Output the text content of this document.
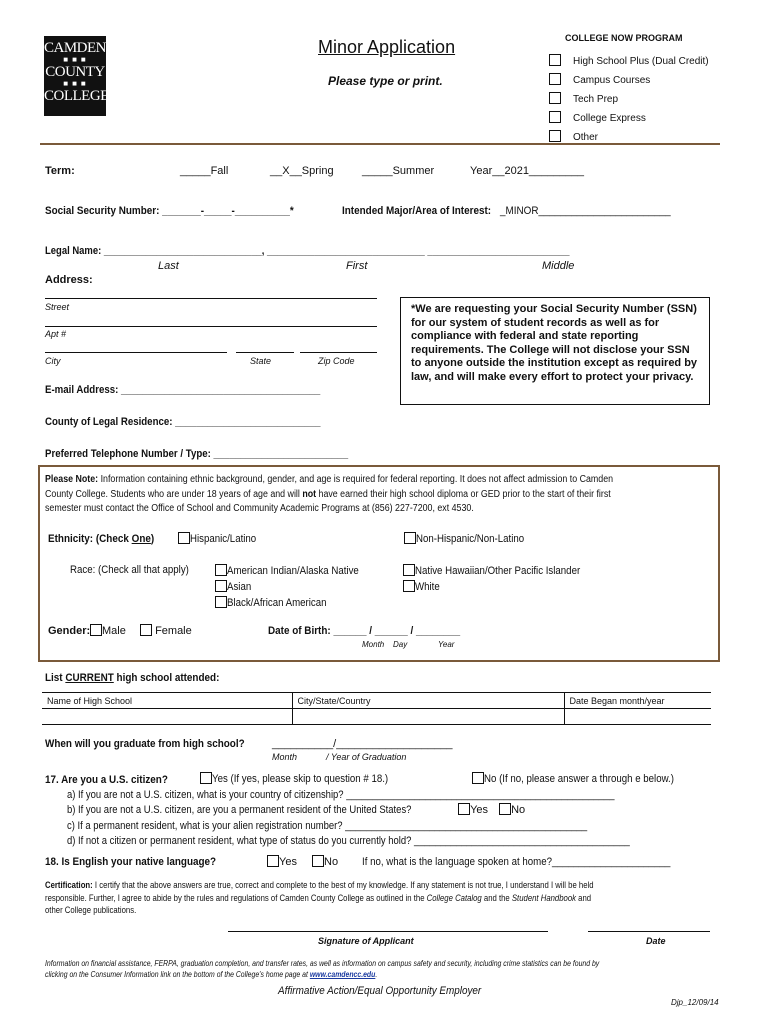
CAMDEN
■ ■ ■
COUNTY
■ ■ ■
COLLEGE
Minor Application
Please type or print.
COLLEGE NOW PROGRAM
High School Plus (Dual Credit)
Campus Courses
Tech Prep
College Express
Other
Term:	_____Fall	__X__Spring	_____Summer	Year__2021_________
Social Security Number: _______-_____-__________*	Intended Major/Area of Interest: _MINOR________________________
Legal Name: ______________________________, ______________________________ ___________________________
Last	First	Middle
Address:
Street
Apt #
City	State	Zip Code
*We are requesting your Social Security Number (SSN) for our system of student records as well as for compliance with federal and state reporting requirements. The College will not disclose your SSN to anyone outside the institution except as required by law, and will make every effort to protect your privacy.
E-mail Address: _____________________________________
County of Legal Residence: ___________________________
Preferred Telephone Number / Type: _________________________
Please Note: Information containing ethnic background, gender, and age is required for federal reporting. It does not affect admission to Camden
County College. Students who are under 18 years of age and will not have earned their high school diploma or GED prior to the start of their first
semester must contact the Office of School and Community Academic Programs at (856) 227-7200, ext 4530.
Ethnicity: (Check One)	Hispanic/Latino	Non-Hispanic/Non-Latino
Race: (Check all that apply)	American Indian/Alaska Native
Asian
Black/African American
Native Hawaiian/Other Pacific Islander
White
Gender:	Male	Female	Date of Birth: ______ / ______ / ________
Month Day	Year
List CURRENT high school attended:
Name of High School	City/State/Country	Date Began month/year

When will you graduate from high school? __________/___________________
Month	/ Year of Graduation
17. Are you a U.S. citizen?	Yes (If yes, please skip to question # 18.)	No (If no, please answer a through e below.)
a) If you are not a U.S. citizen, what is your country of citizenship? ___________________________________________________
b) If you are not a U.S. citizen, are you a permanent resident of the United States?	Yes No
c) If a permanent resident, what is your alien registration number? ______________________________________________
d) If not a citizen or permanent resident, what type of status do you currently hold? _________________________________________
18. Is English your native language?	Yes	No If no, what is the language spoken at home?______________________
Certification: I certify that the above answers are true, correct and complete to the best of my knowledge. If any statement is not true, I understand I will be held
responsible. Further, I agree to abide by the rules and regulations of Camden County College as outlined in the College Catalog and the Student Handbook and
other College publications.
Signature of Applicant	Date
Information on financial assistance, FERPA, graduation completion, and transfer rates, as well as information on campus safety and security, including crime statistics can be found by
clicking on the Consumer Information link on the bottom of the College's home page at www.camdencc.edu.
Affirmative Action/Equal Opportunity Employer
Djp_12/09/14
